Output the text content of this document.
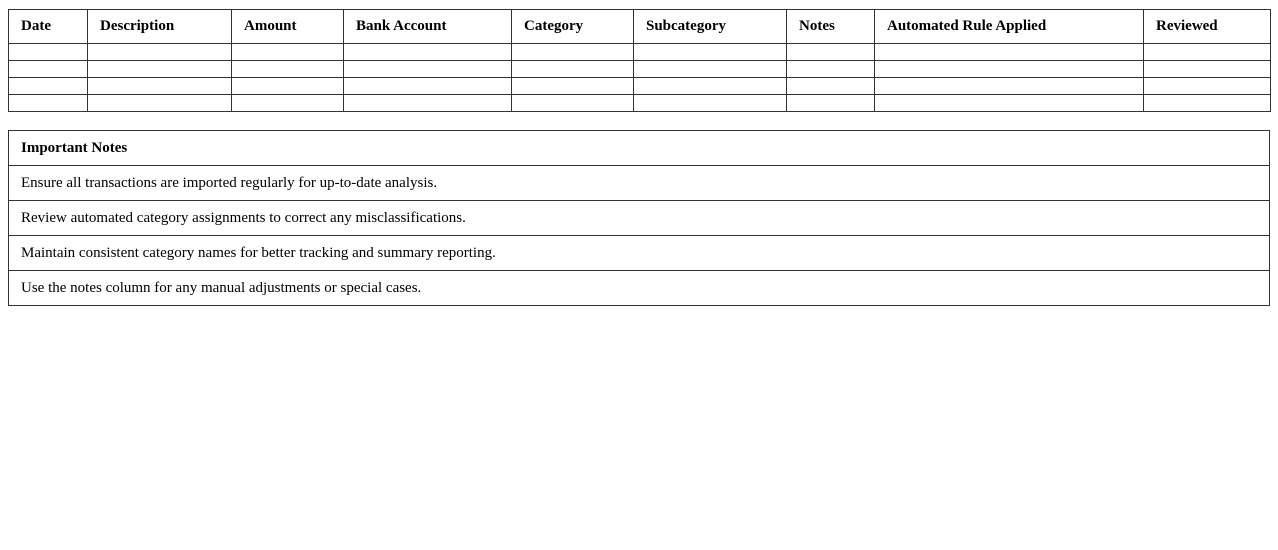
Date	Description	Amount	Bank Account	Category	Subcategory	Notes	Automated Rule Applied	Reviewed

Important Notes
Ensure all transactions are imported regularly for up-to-date analysis.
Review automated category assignments to correct any misclassifications.
Maintain consistent category names for better tracking and summary reporting.
Use the notes column for any manual adjustments or special cases.
